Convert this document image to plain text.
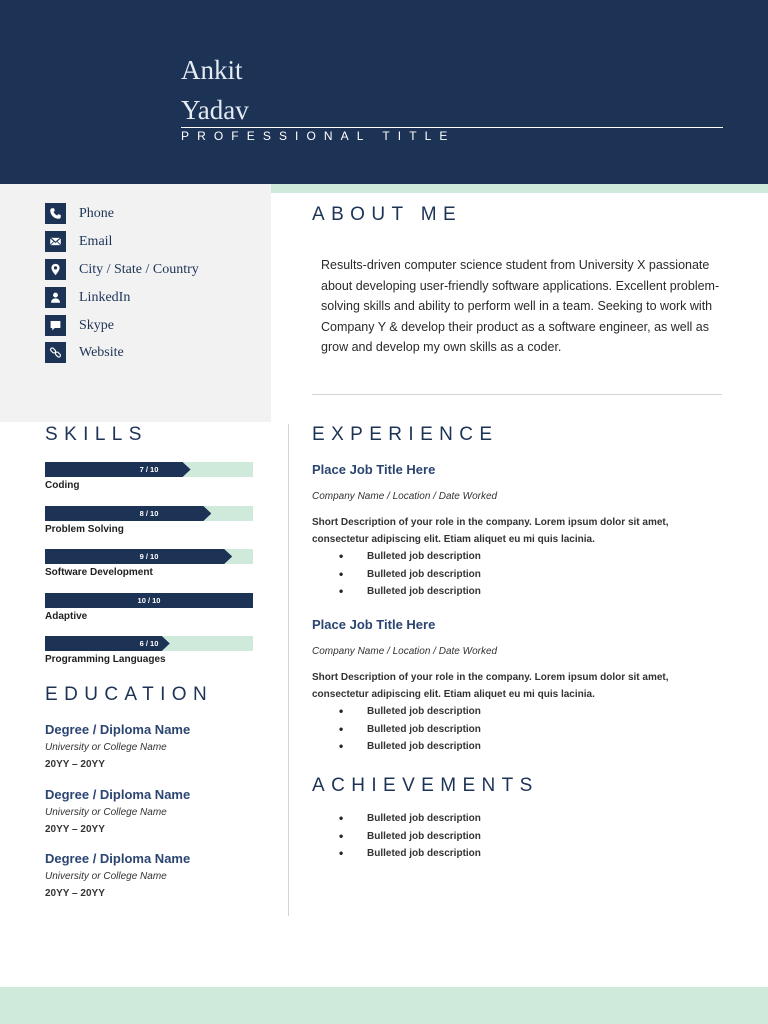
Ankit
Yadav
PROFESSIONAL TITLE
Phone
Email
City / State / Country
LinkedIn
Skype
Website
ABOUT ME
Results-driven computer science student from University X passionate about developing user-friendly software applications. Excellent problem-solving skills and ability to perform well in a team. Seeking to work with Company Y & develop their product as a software engineer, as well as grow and develop my own skills as a coder.
SKILLS
7 / 10
Coding
8 / 10
Problem Solving
9 / 10
Software Development
10 / 10
Adaptive
6 / 10
Programming Languages
EDUCATION
Degree / Diploma Name
University or College Name
20YY – 20YY
Degree / Diploma Name
University or College Name
20YY – 20YY
Degree / Diploma Name
University or College Name
20YY – 20YY
EXPERIENCE
Place Job Title Here
Company Name / Location / Date Worked
Short Description of your role in the company. Lorem ipsum dolor sit amet, consectetur adipiscing elit. Etiam aliquet eu mi quis lacinia.
• Bulleted job description
• Bulleted job description
• Bulleted job description
Place Job Title Here
Company Name / Location / Date Worked
Short Description of your role in the company. Lorem ipsum dolor sit amet, consectetur adipiscing elit. Etiam aliquet eu mi quis lacinia.
• Bulleted job description
• Bulleted job description
• Bulleted job description
ACHIEVEMENTS
• Bulleted job description
• Bulleted job description
• Bulleted job description
